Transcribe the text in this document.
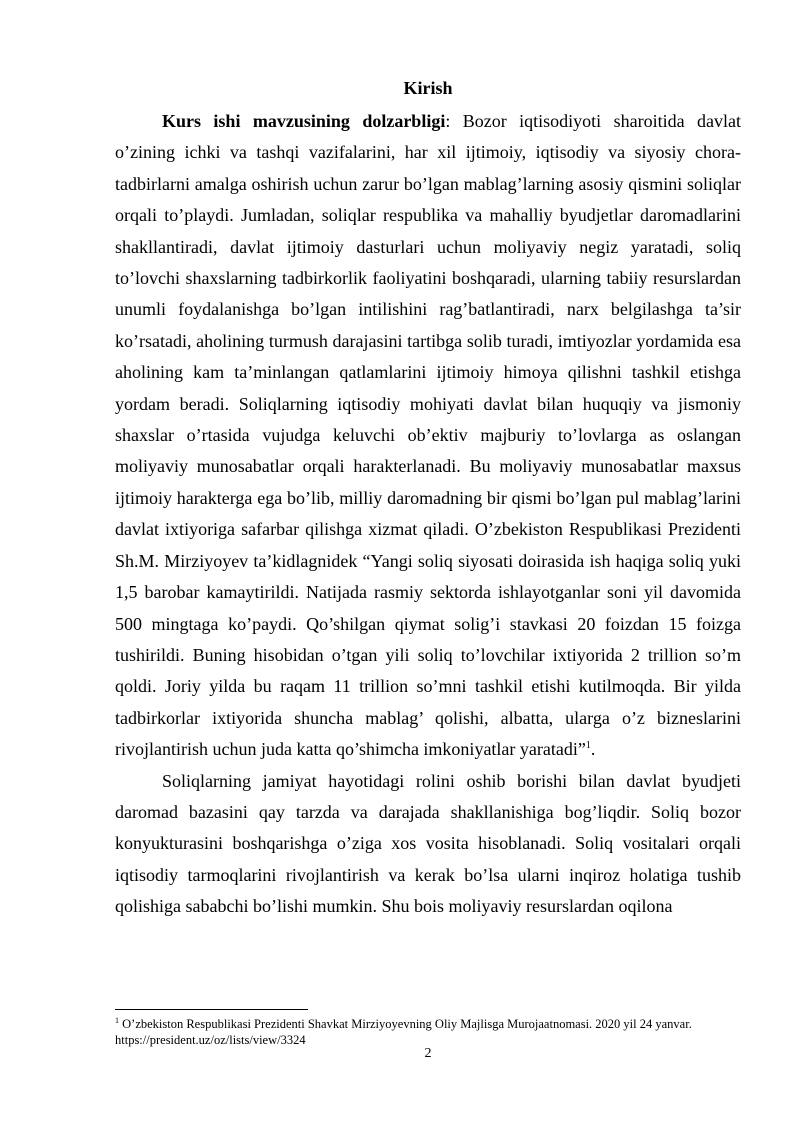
Kirish

Kurs ishi mavzusining dolzarbligi: Bozor iqtisodiyoti sharoitida davlat o’zining ichki va tashqi vazifalarini, har xil ijtimoiy, iqtisodiy va siyosiy chora-tadbirlarni amalga oshirish uchun zarur bo’lgan mablag’larning asosiy qismini soliqlar orqali to’playdi. Jumladan, soliqlar respublika va mahalliy byudjetlar daromadlarini shakllantiradi, davlat ijtimoiy dasturlari uchun moliyaviy negiz yaratadi, soliq to’lovchi shaxslarning tadbirkorlik faoliyatini boshqaradi, ularning tabiiy resurslardan unumli foydalanishga bo’lgan intilishini rag’batlantiradi, narx belgilashga ta’sir ko’rsatadi, aholining turmush darajasini tartibga solib turadi, imtiyozlar yordamida esa aholining kam ta’minlangan qatlamlarini ijtimoiy himoya qilishni tashkil etishga yordam beradi. Soliqlarning iqtisodiy mohiyati davlat bilan huquqiy va jismoniy shaxslar o’rtasida vujudga keluvchi ob’ektiv majburiy to’lovlarga as oslangan moliyaviy munosabatlar orqali harakterlanadi. Bu moliyaviy munosabatlar maxsus ijtimoiy harakterga ega bo’lib, milliy daromadning bir qismi bo’lgan pul mablag’larini davlat ixtiyoriga safarbar qilishga xizmat qiladi. O’zbekiston Respublikasi Prezidenti Sh.M. Mirziyoyev ta’kidlagnidek “Yangi soliq siyosati doirasida ish haqiga soliq yuki 1,5 barobar kamaytirildi. Natijada rasmiy sektorda ishlayotganlar soni yil davomida 500 mingtaga ko’paydi. Qo’shilgan qiymat solig’i stavkasi 20 foizdan 15 foizga tushirildi. Buning hisobidan o’tgan yili soliq to’lovchilar ixtiyorida 2 trillion so’m qoldi. Joriy yilda bu raqam 11 trillion so’mni tashkil etishi kutilmoqda. Bir yilda tadbirkorlar ixtiyorida shuncha mablag’ qolishi, albatta, ularga o’z bizneslarini rivojlantirish uchun juda katta qo’shimcha imkoniyatlar yaratadi”$^1$.

Soliqlarning jamiyat hayotidagi rolini oshib borishi bilan davlat byudjeti daromad bazasini qay tarzda va darajada shakllanishiga bog’liqdir. Soliq bozor konyukturasini boshqarishga o’ziga xos vosita hisoblanadi. Soliq vositalari orqali iqtisodiy tarmoqlarini rivojlantirish va kerak bo’lsa ularni inqiroz holatiga tushib qolishiga sababchi bo’lishi mumkin. Shu bois moliyaviy resurslardan oqilona

$^1$ O’zbekiston Respublikasi Prezidenti Shavkat Mirziyoyevning Oliy Majlisga Murojaatnomasi. 2020 yil 24 yanvar. https://president.uz/oz/lists/view/3324
2
